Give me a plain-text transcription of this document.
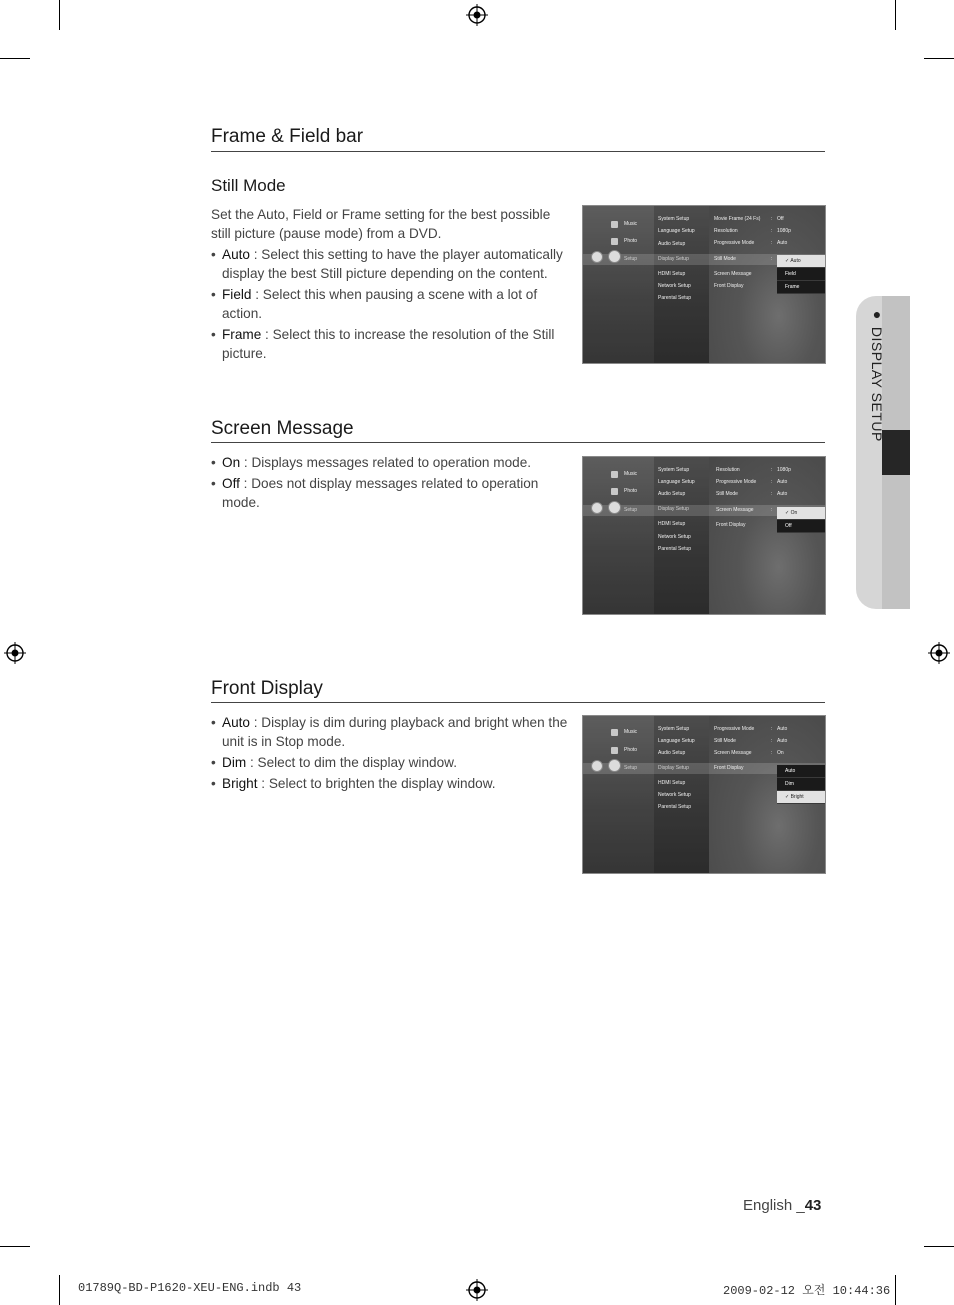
Frame & Field bar
Still Mode

Set the Auto, Field or Frame setting for the best possible still picture (pause mode) from a DVD.

• Auto : Select this setting to have the player automatically display the best Still picture depending on the content.
• Field : Select this when pausing a scene with a lot of action.
• Frame : Select this to increase the resolution of the Still picture.
Screen Message
• On : Displays messages related to operation mode.
• Off : Does not display messages related to operation mode.
Front Display
• Auto : Display is dim during playback and bright when the unit is in Stop mode.
• Dim : Select to dim the display window.
• Bright : Select to brighten the display window.
Music
Photo
Setup
System Setup
Language Setup
Audio Setup
Display Setup
HDMI Setup
Network Setup
Parental Setup
Movie Frame (24 Fs) : Off
Resolution	: 1080p
Progressive Mode	: Auto
Still Mode	:
Screen Message
Front Display
✓ Auto
Field
Frame
Music
Photo
Setup
System Setup
Language Setup
Audio Setup
Display Setup
HDMI Setup
Network Setup
Parental Setup
Resolution	: 1080p
Progressive Mode	: Auto
Still Mode	: Auto
Screen Message	:
Front Display
✓ On
Off
Music
Photo
Setup
System Setup
Language Setup
Audio Setup
Display Setup
HDMI Setup
Network Setup
Parental Setup
Progressive Mode	: Auto
Still Mode	: Auto
Screen Message	: On
Front Display	Auto
Dim
✓ Bright
● DISPLAY SETUP
English _43
01789Q-BD-P1620-XEU-ENG.indb 43	2009-02-12 오전 10:44:36
